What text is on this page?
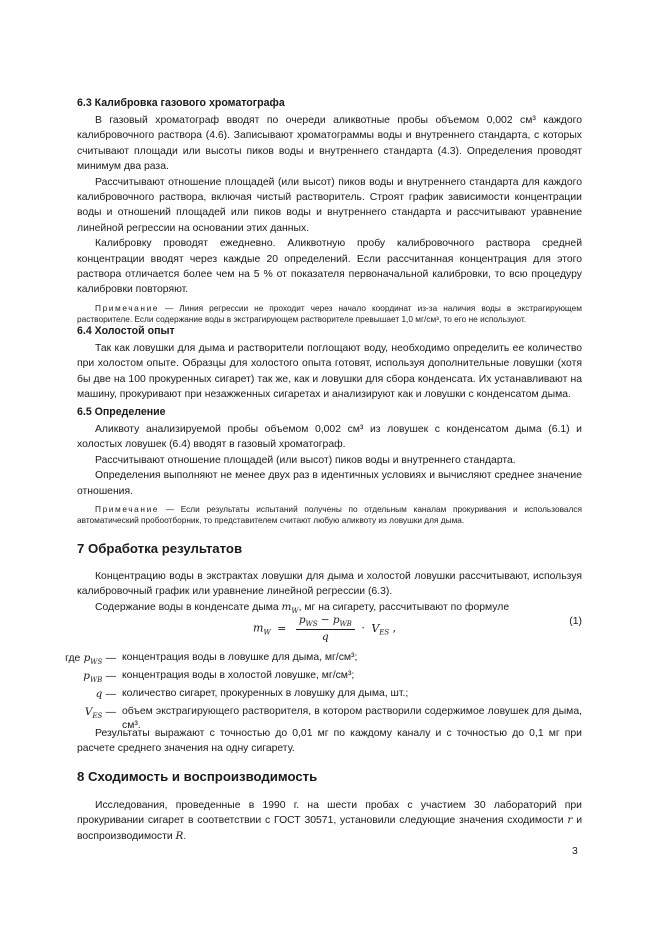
6.3 Калибровка газового хроматографа

В газовый хроматограф вводят по очереди аликвотные пробы объемом 0,002 см³ каждого калибровочного раствора (4.6). Записывают хроматограммы воды и внутреннего стандарта, с которых считывают площади или высоты пиков воды и внутреннего стандарта (4.3). Определения проводят минимум два раза.

Рассчитывают отношение площадей (или высот) пиков воды и внутреннего стандарта для каждого калибровочного раствора, включая чистый растворитель. Строят график зависимости концентрации воды и отношений площадей или пиков воды и внутреннего стандарта и рассчитывают уравнение линейной регрессии на основании этих данных.

Калибровку проводят ежедневно. Аликвотную пробу калибровочного раствора средней концентрации вводят через каждые 20 определений. Если рассчитанная концентрация для этого раствора отличается более чем на 5 % от показателя первоначальной калибровки, то всю процедуру калибровки повторяют.

Примечание — Линия регрессии не проходит через начало координат из-за наличия воды в экстрагирующем растворителе. Если содержание воды в экстрагирующем растворителе превышает 1,0 мг/см³, то его не используют.

6.4 Холостой опыт

Так как ловушки для дыма и растворители поглощают воду, необходимо определить ее количество при холостом опыте. Образцы для холостого опыта готовят, используя дополнительные ловушки (хотя бы две на 100 прокуренных сигарет) так же, как и ловушки для сбора конденсата. Их устанавливают на машину, прокуривают при незажженных сигаретах и анализируют как и ловушки с конденсатом дыма.

6.5 Определение

Аликвоту анализируемой пробы объемом 0,002 см³ из ловушек с конденсатом дыма (6.1) и холостых ловушек (6.4) вводят в газовый хроматограф.

Рассчитывают отношение площадей (или высот) пиков воды и внутреннего стандарта.

Определения выполняют не менее двух раз в идентичных условиях и вычисляют среднее значение отношения.

Примечание — Если результаты испытаний получены по отдельным каналам прокуривания и использовался автоматический пробоотборник, то представителем считают любую аликвоту из ловушки для дыма.

7 Обработка результатов

Концентрацию воды в экстрактах ловушки для дыма и холостой ловушки рассчитывают, используя калибровочный график или уравнение линейной регрессии (6.3).

Содержание воды в конденсате дыма $m_W$, мг на сигарету, рассчитывают по формуле

$m_W = \frac{p_{WS} - p_{WB}}{q} \cdot V_{ES}$ ,
(1)
где $p_{WS}$ — концентрация воды в ловушке для дыма, мг/см³;
$p_{WB}$ — концентрация воды в холостой ловушке, мг/см³;
q — количество сигарет, прокуренных в ловушку для дыма, шт.;
$V_{ES}$ — объем экстрагирующего растворителя, в котором растворили содержимое ловушек для дыма, см³.

Результаты выражают с точностью до 0,01 мг по каждому каналу и с точностью до 0,1 мг при расчете среднего значения на одну сигарету.

8 Сходимость и воспроизводимость

Исследования, проведенные в 1990 г. на шести пробах с участием 30 лабораторий при прокуривании сигарет в соответствии с ГОСТ 30571, установили следующие значения сходимости r и воспроизводимости R.

3
